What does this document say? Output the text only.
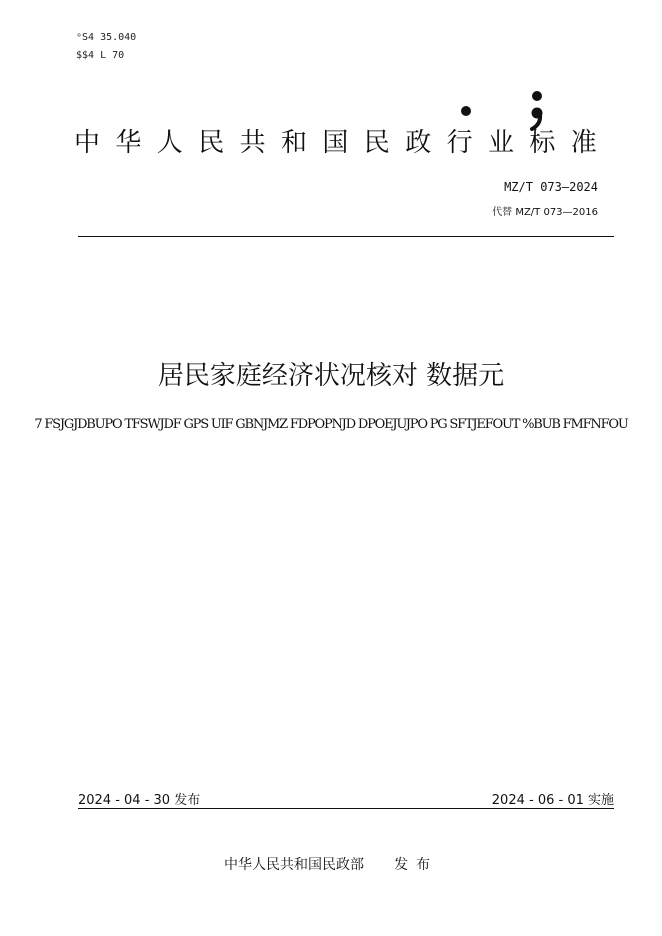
ᵒS4 35.040
$$4 L 70
中华人民共和国民政行业标准
MZ/T 073—2024
代替 MZ/T 073—2016
居民家庭经济状况核对 数据元
7 FSJGJDBUPO TFSWJDF GPS UIF GBNJMZ FDPOPNJD DPOEJUJPO PG SFTJEFOUT %BUB FMFNFOU
2024 - 04 - 30 发布	2024 - 06 - 01 实施
中华人民共和国民政部 发布
